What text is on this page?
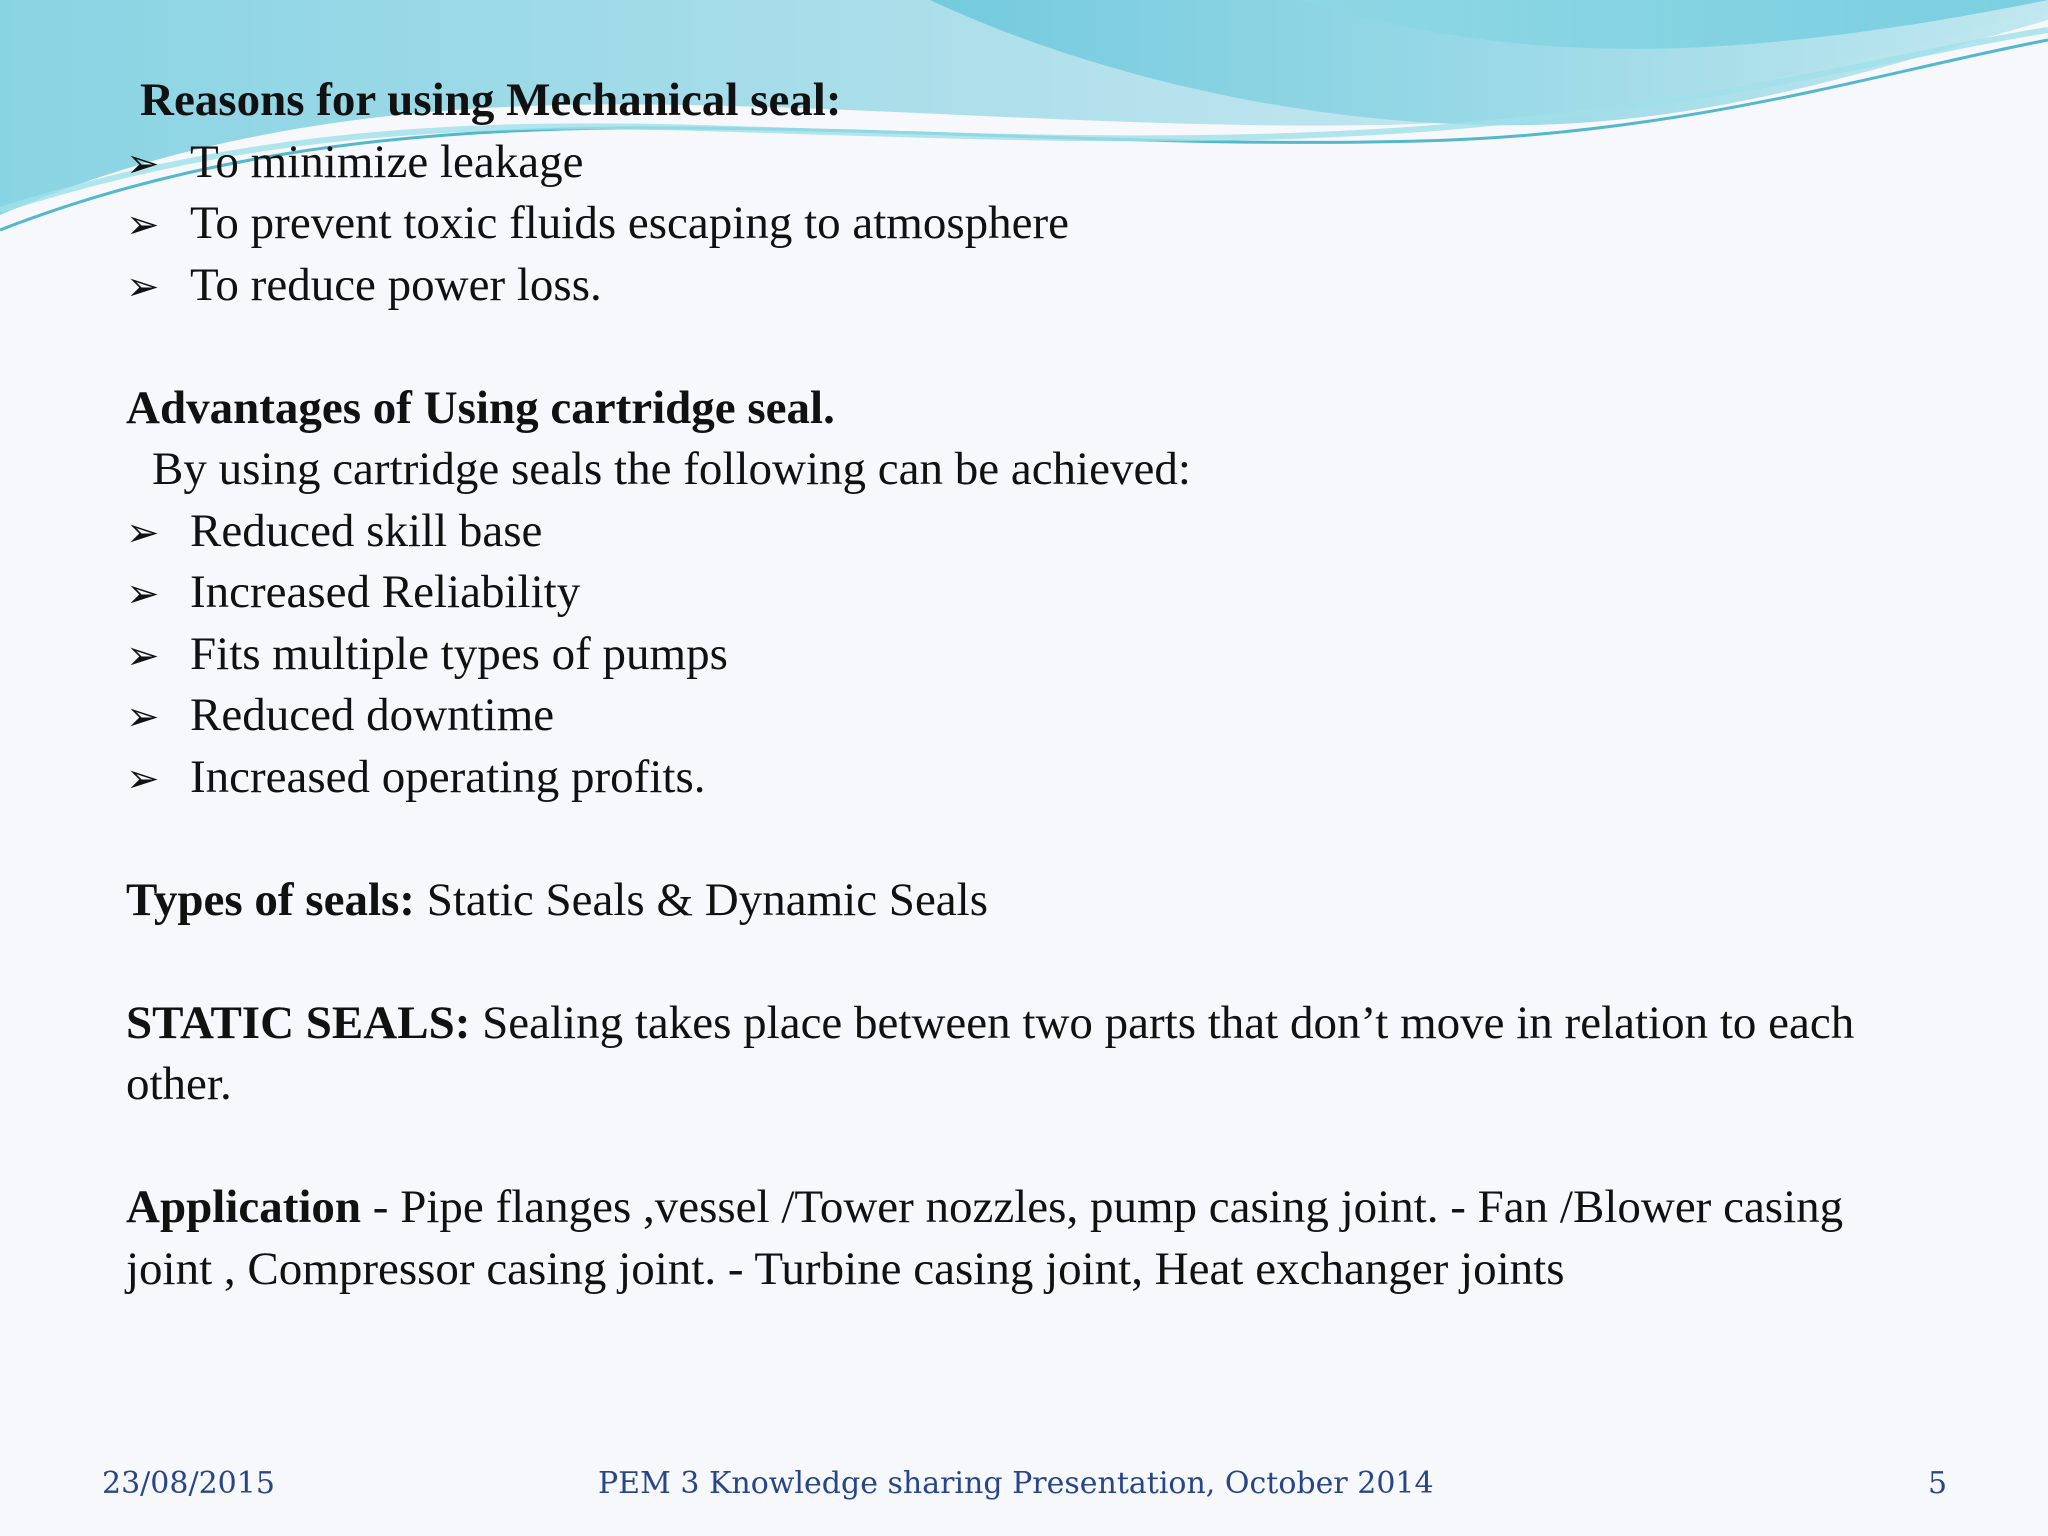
Reasons for using Mechanical seal:
➢ To minimize leakage
➢ To prevent toxic fluids escaping to atmosphere
➢ To reduce power loss.
Advantages of Using cartridge seal.
By using cartridge seals the following can be achieved:
➢ Reduced skill base
➢ Increased Reliability
➢ Fits multiple types of pumps
➢ Reduced downtime
➢ Increased operating profits.
Types of seals: Static Seals & Dynamic Seals
STATIC SEALS: Sealing takes place between two parts that don’t move in relation to each other.
Application - Pipe flanges ,vessel /Tower nozzles, pump casing joint. - Fan /Blower casing joint , Compressor casing joint. - Turbine casing joint, Heat exchanger joints
23/08/2015	PEM 3 Knowledge sharing Presentation, October 2014	5
